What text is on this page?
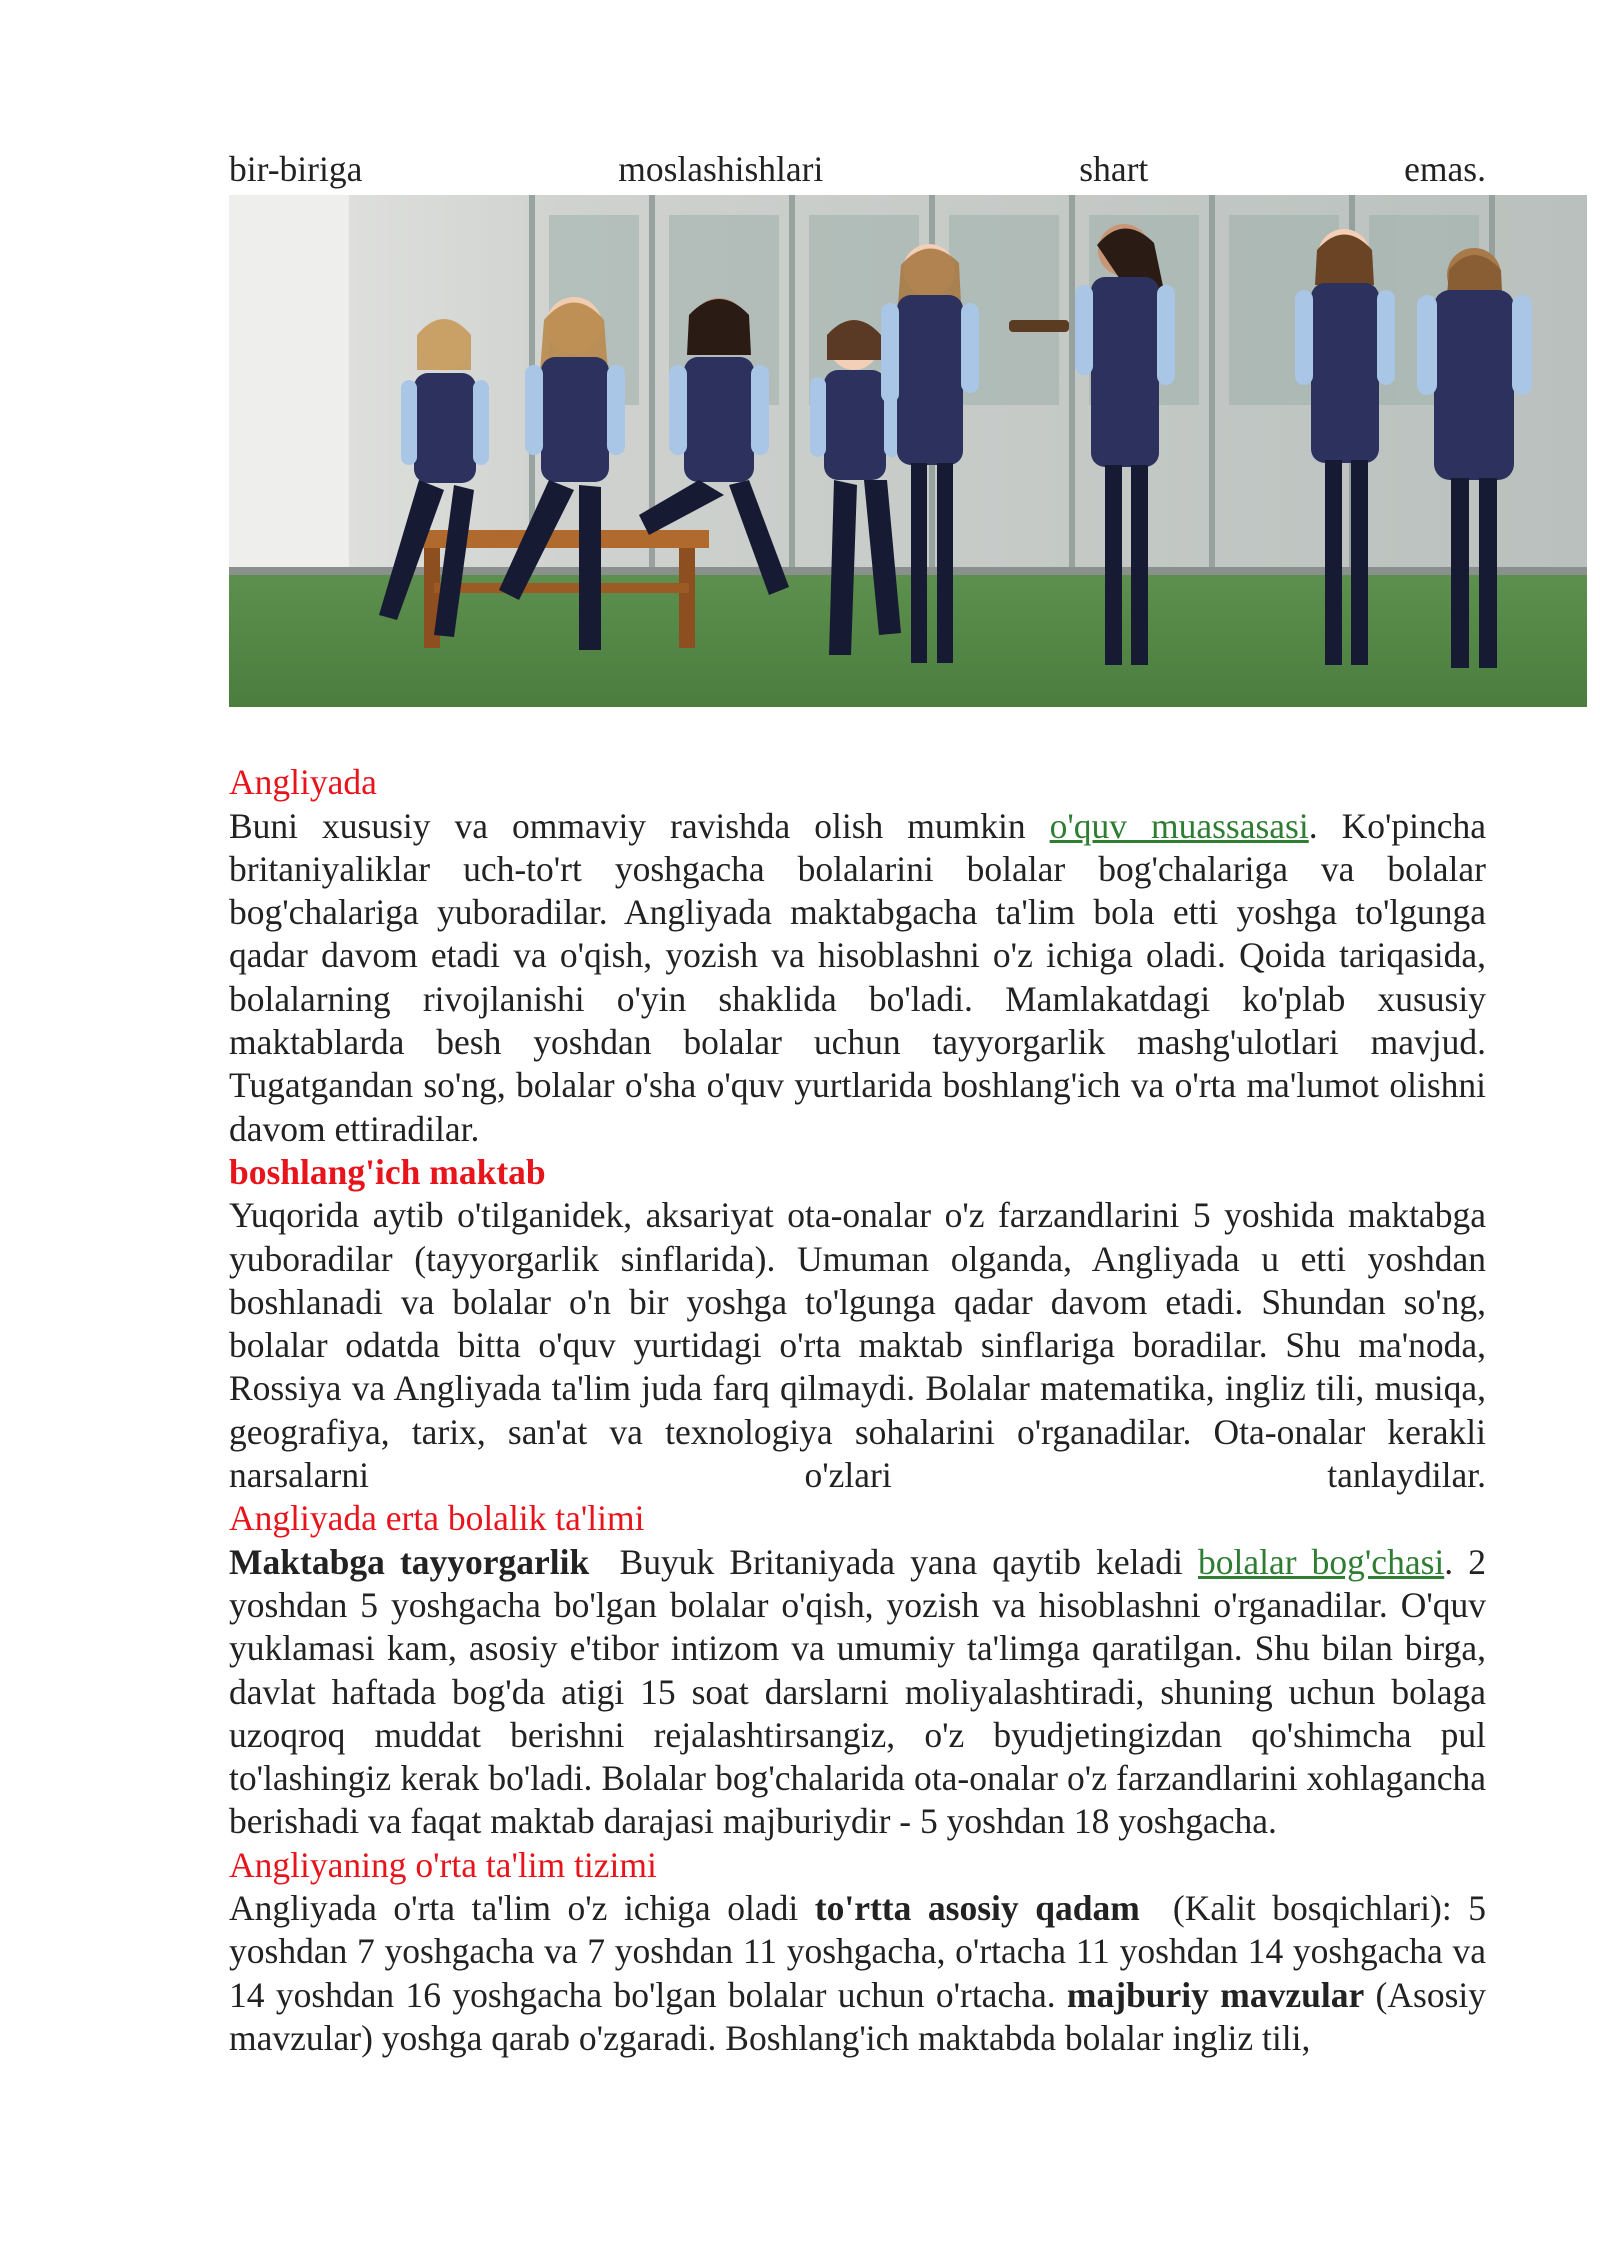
bir-biriga	moslashishlari	shart	emas.

Angliyada

Buni xususiy va ommaviy ravishda olish mumkin o'quv muassasasi. Ko'pincha britaniyaliklar uch-to'rt yoshgacha bolalarini bolalar bog'chalariga va bolalar bog'chalariga yuboradilar. Angliyada maktabgacha ta'lim bola etti yoshga to'lgunga qadar davom etadi va o'qish, yozish va hisoblashni o'z ichiga oladi. Qoida tariqasida, bolalarning rivojlanishi o'yin shaklida bo'ladi. Mamlakatdagi ko'plab xususiy maktablarda besh yoshdan bolalar uchun tayyorgarlik mashg'ulotlari mavjud. Tugatgandan so'ng, bolalar o'sha o'quv yurtlarida boshlang'ich va o'rta ma'lumot olishni davom ettiradilar.

boshlang'ich maktab

Yuqorida aytib o'tilganidek, aksariyat ota-onalar o'z farzandlarini 5 yoshida maktabga yuboradilar (tayyorgarlik sinflarida). Umuman olganda, Angliyada u etti yoshdan boshlanadi va bolalar o'n bir yoshga to'lgunga qadar davom etadi. Shundan so'ng, bolalar odatda bitta o'quv yurtidagi o'rta maktab sinflariga boradilar. Shu ma'noda, Rossiya va Angliyada ta'lim juda farq qilmaydi. Bolalar matematika, ingliz tili, musiqa, geografiya, tarix, san'at va texnologiya sohalarini o'rganadilar. Ota-onalar kerakli narsalarni o'zlari tanlaydilar.

Angliyada erta bolalik ta'limi

Maktabga tayyorgarlik  Buyuk Britaniyada yana qaytib keladi bolalar bog'chasi. 2 yoshdan 5 yoshgacha bo'lgan bolalar o'qish, yozish va hisoblashni o'rganadilar. O'quv yuklamasi kam, asosiy e'tibor intizom va umumiy ta'limga qaratilgan. Shu bilan birga, davlat haftada bog'da atigi 15 soat darslarni moliyalashtiradi, shuning uchun bolaga uzoqroq muddat berishni rejalashtirsangiz, o'z byudjetingizdan qo'shimcha pul to'lashingiz kerak bo'ladi. Bolalar bog'chalarida ota-onalar o'z farzandlarini xohlagancha berishadi va faqat maktab darajasi majburiydir - 5 yoshdan 18 yoshgacha.

Angliyaning o'rta ta'lim tizimi

Angliyada o'rta ta'lim o'z ichiga oladi to'rtta asosiy qadam  (Kalit bosqichlari): 5 yoshdan 7 yoshgacha va 7 yoshdan 11 yoshgacha, o'rtacha 11 yoshdan 14 yoshgacha va 14 yoshdan 16 yoshgacha bo'lgan bolalar uchun o'rtacha. majburiy mavzular (Asosiy mavzular) yoshga qarab o'zgaradi. Boshlang'ich maktabda bolalar ingliz tili,
